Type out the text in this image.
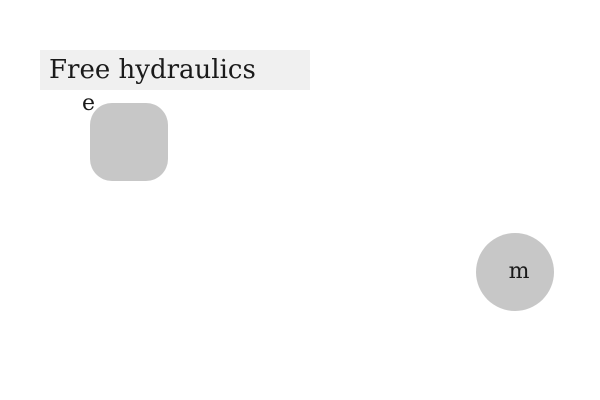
Free hydraulics
e
m
